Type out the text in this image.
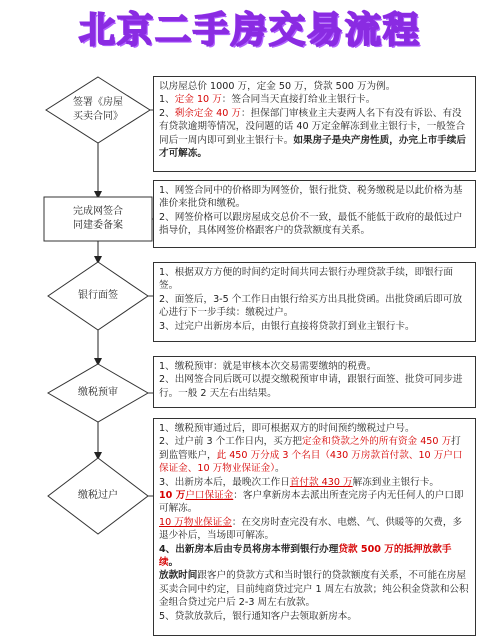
北京二手房交易流程
签署《房屋
买卖合同》
完成网签合
同建委备案
银行面签
缴税预审
缴税过户

以房屋总价 1000 万，定金 50 万，贷款 500 万为例。

1、定金 10 万：签合同当天直接打给业主银行卡。

2、剩余定金 40 万：担保部门审核业主夫妻两人名下有没有诉讼、有没有贷款逾期等情况，没问题的话 40 万定金解冻到业主银行卡，一般签合同后一周内即可到业主银行卡。如果房子是央产房性质，办完上市手续后才可解冻。

1、网签合同中的价格即为网签价，银行批贷、税务缴税是以此价格为基准价来批贷和缴税。

2、网签价格可以跟房屋成交总价不一致，最低不能低于政府的最低过户指导价，具体网签价格跟客户的贷款额度有关系。

1、根据双方方便的时间约定时间共同去银行办理贷款手续，即银行面签。

2、面签后，3-5 个工作日由银行给买方出具批贷函。出批贷函后即可放心进行下一步手续：缴税过户。

3、过完户出新房本后，由银行直接将贷款打到业主银行卡。

1、缴税预审：就是审核本次交易需要缴纳的税费。

2、出网签合同后既可以提交缴税预审申请，跟银行面签、批贷可同步进行。一般 2 天左右出结果。

1、缴税预审通过后，即可根据双方的时间预约缴税过户号。

2、过户前 3 个工作日内，买方把定金和贷款之外的所有资金 450 万打到监管账户，此 450 万分成 3 个名目（430 万房款首付款、10 万户口保证金、10 万物业保证金）。

3、出新房本后，最晚次工作日首付款 430 万解冻到业主银行卡。

10 万户口保证金：客户拿新房本去派出所查完房子内无任何人的户口即可解冻。

10 万物业保证金：在交房时查完没有水、电燃、气、供暖等的欠费，多退少补后，当场即可解冻。

4、出新房本后由专员将房本带到银行办理贷款 500 万的抵押放款手续。

放款时间跟客户的贷款方式和当时银行的贷款额度有关系，不可能在房屋买卖合同中约定，目前纯商贷过完户 1 周左右放款；纯公积金贷款和公积金组合贷过完户后 2-3 周左右放款。

5、贷款放款后，银行通知客户去领取新房本。
